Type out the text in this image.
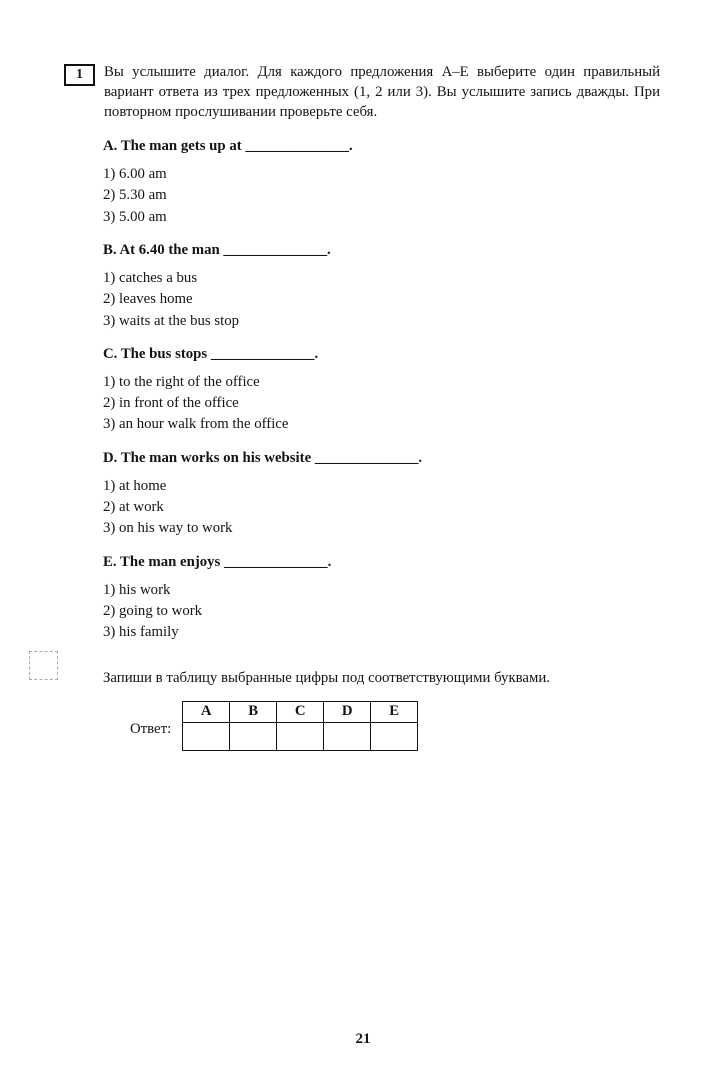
1	Вы услышите диалог. Для каждого предложения А–Е выберите один правильный вариант ответа из трех предложенных (1, 2 или 3). Вы услышите запись дважды. При повторном прослушивании проверьте себя.

A. The man gets up at ______________.

1) 6.00 am

2) 5.30 am

3) 5.00 am

B. At 6.40 the man ______________.

1) catches a bus

2) leaves home

3) waits at the bus stop

C. The bus stops ______________.

1) to the right of the office

2) in front of the office

3) an hour walk from the office

D. The man works on his website ______________.

1) at home

2) at work

3) on his way to work

E. The man enjoys ______________.

1) his work

2) going to work

3) his family

Запиши в таблицу выбранные цифры под соответствующими буквами.

Ответ:
A	B	C	D	E

21
